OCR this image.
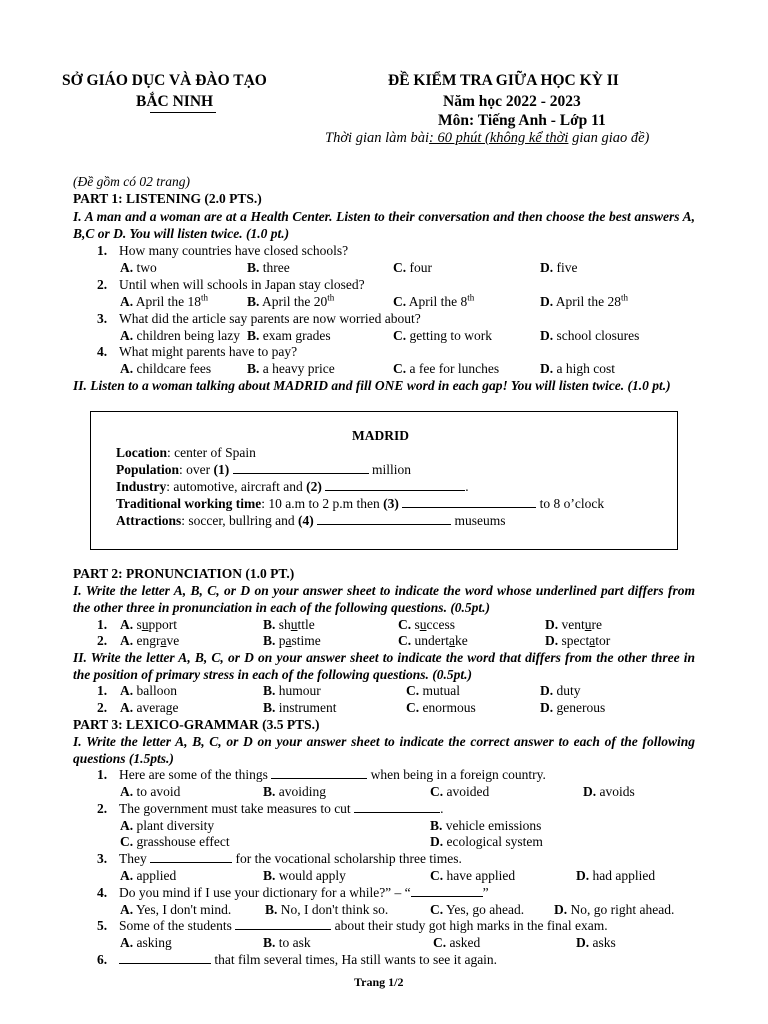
SỞ GIÁO DỤC VÀ ĐÀO TẠO
BẮC NINH
ĐỀ KIỂM TRA GIỮA HỌC KỲ II
Năm học 2022 - 2023
Môn: Tiếng Anh - Lớp 11
Thời gian làm bài: 60 phút (không kể thời gian giao đề)
(Đề gồm có 02 trang)
PART 1: LISTENING (2.0 PTS.)
I. A man and a woman are at a Health Center. Listen to their conversation and then choose the best answers A, B,C or D. You will listen twice. (1.0 pt.)
1. How many countries have closed schools?
A. two	B. three	C. four	D. five
2. Until when will schools in Japan stay closed?
A. April the 18th	B. April the 20th	C. April the 8th	D. April the 28th
3. What did the article say parents are now worried about?
A. children being lazy B. exam grades	C. getting to work	D. school closures
4. What might parents have to pay?
A. childcare fees	B. a heavy price	C. a fee for lunches	D. a high cost
II. Listen to a woman talking about MADRID and fill ONE word in each gap! You will listen twice. (1.0 pt.)
MADRID
Location: center of Spain
Population: over (1)	million
Industry: automotive, aircraft and (2)	.
Traditional working time: 10 a.m to 2 p.m then (3)	to 8 o’clock
Attractions: soccer, bullring and (4)	museums
PART 2: PRONUNCIATION (1.0 PT.)
I. Write the letter A, B, C, or D on your answer sheet to indicate the word whose underlined part differs from the other three in pronunciation in each of the following questions. (0.5pt.)
1. A. support	B. shuttle	C. success	D. venture
2. A. engrave	B. pastime	C. undertake	D. spectator
II. Write the letter A, B, C, or D on your answer sheet to indicate the word that differs from the other three in the position of primary stress in each of the following questions. (0.5pt.)
1. A. balloon	B. humour	C. mutual	D. duty
2. A. average	B. instrument	C. enormous	D. generous
PART 3: LEXICO-GRAMMAR (3.5 PTS.)
I. Write the letter A, B, C, or D on your answer sheet to indicate the correct answer to each of the following questions (1.5pts.)
1. Here are some of the things	when being in a foreign country.
A. to avoid	B. avoiding	C. avoided	D. avoids
2. The government must take measures to cut	.
A. plant diversity	B. vehicle emissions
C. grasshouse effect	D. ecological system
3. They	for the vocational scholarship three times.
A. applied	B. would apply	C. have applied	D. had applied
4. Do you mind if I use your dictionary for a while?” – “	”
A. Yes, I don't mind.	B. No, I don't think so.	C. Yes, go ahead. D. No, go right ahead.
5. Some of the students	about their study got high marks in the final exam.
A. asking	B. to ask	C. asked	D. asks
6.	that film several times, Ha still wants to see it again.
Trang 1/2
